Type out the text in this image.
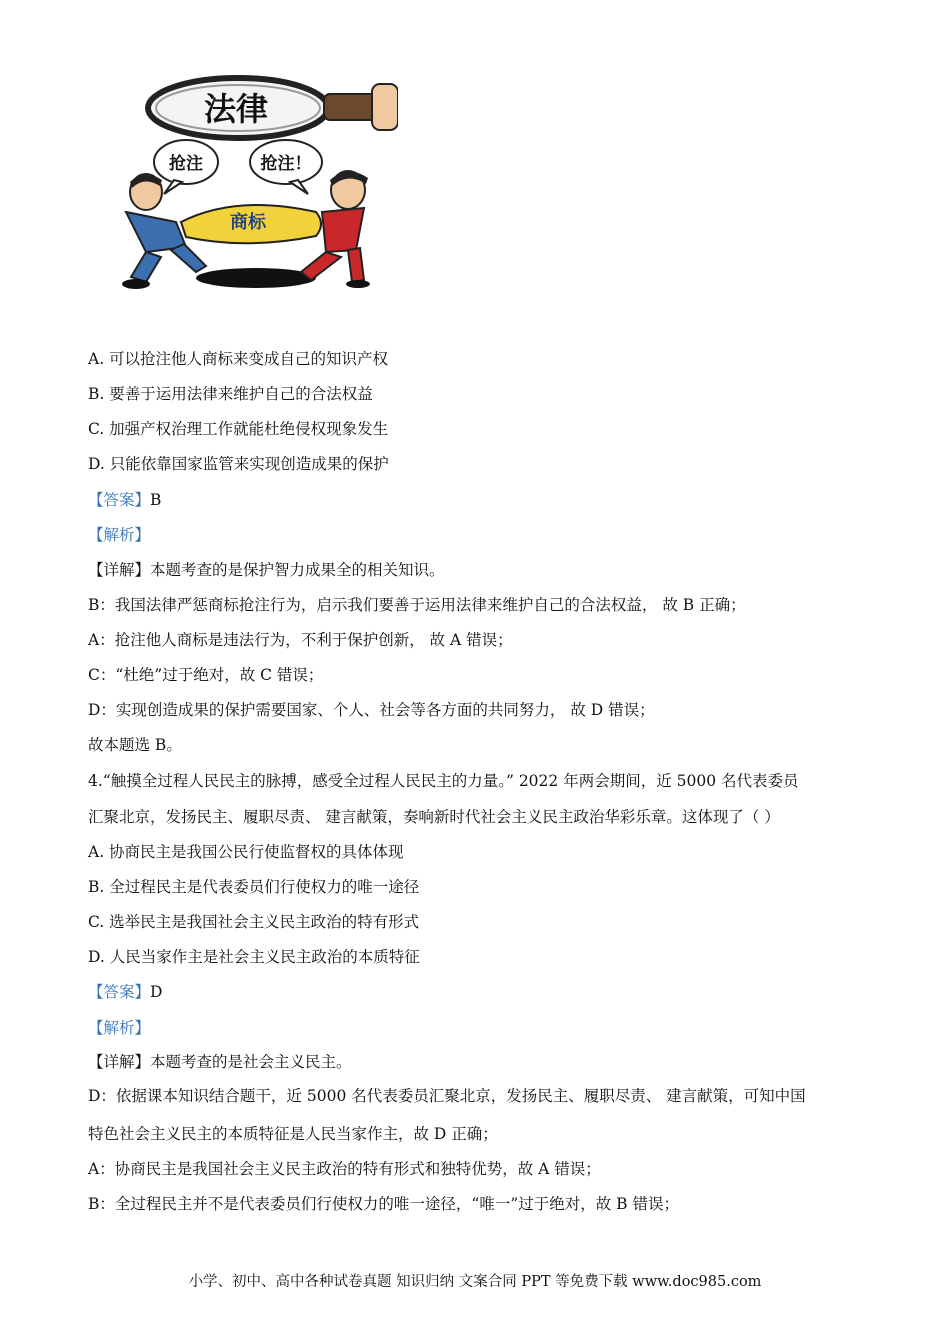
法律
抢注	抢注！
商标
A. 可以抢注他人商标来变成自己的知识产权
B. 要善于运用法律来维护自己的合法权益
C. 加强产权治理工作就能杜绝侵权现象发生
D. 只能依靠国家监管来实现创造成果的保护
【答案】B
【解析】
【详解】本题考查的是保护智力成果全的相关知识。
B：我国法律严惩商标抢注行为，启示我们要善于运用法律来维护自己的合法权益， 故 B 正确；
A：抢注他人商标是违法行为，不利于保护创新， 故 A 错误；
C：“杜绝”过于绝对，故 C 错误；
D：实现创造成果的保护需要国家、个人、社会等各方面的共同努力， 故 D 错误；
故本题选 B。
4.“触摸全过程人民民主的脉搏，感受全过程人民民主的力量。” 2022 年两会期间，近 5000 名代表委员
汇聚北京，发扬民主、履职尽责、 建言献策，奏响新时代社会主义民主政治华彩乐章。这体现了（ ）
A. 协商民主是我国公民行使监督权的具体体现
B. 全过程民主是代表委员们行使权力的唯一途径
C. 选举民主是我国社会主义民主政治的特有形式
D. 人民当家作主是社会主义民主政治的本质特征
【答案】D
【解析】
【详解】本题考查的是社会主义民主。
D：依据课本知识结合题干，近 5000 名代表委员汇聚北京，发扬民主、履职尽责、 建言献策，可知中国
特色社会主义民主的本质特征是人民当家作主，故 D 正确；
A：协商民主是我国社会主义民主政治的特有形式和独特优势，故 A 错误；
B：全过程民主并不是代表委员们行使权力的唯一途径，“唯一”过于绝对，故 B 错误；
小学、初中、高中各种试卷真题 知识归纳 文案合同 PPT 等免费下载 www.doc985.com
